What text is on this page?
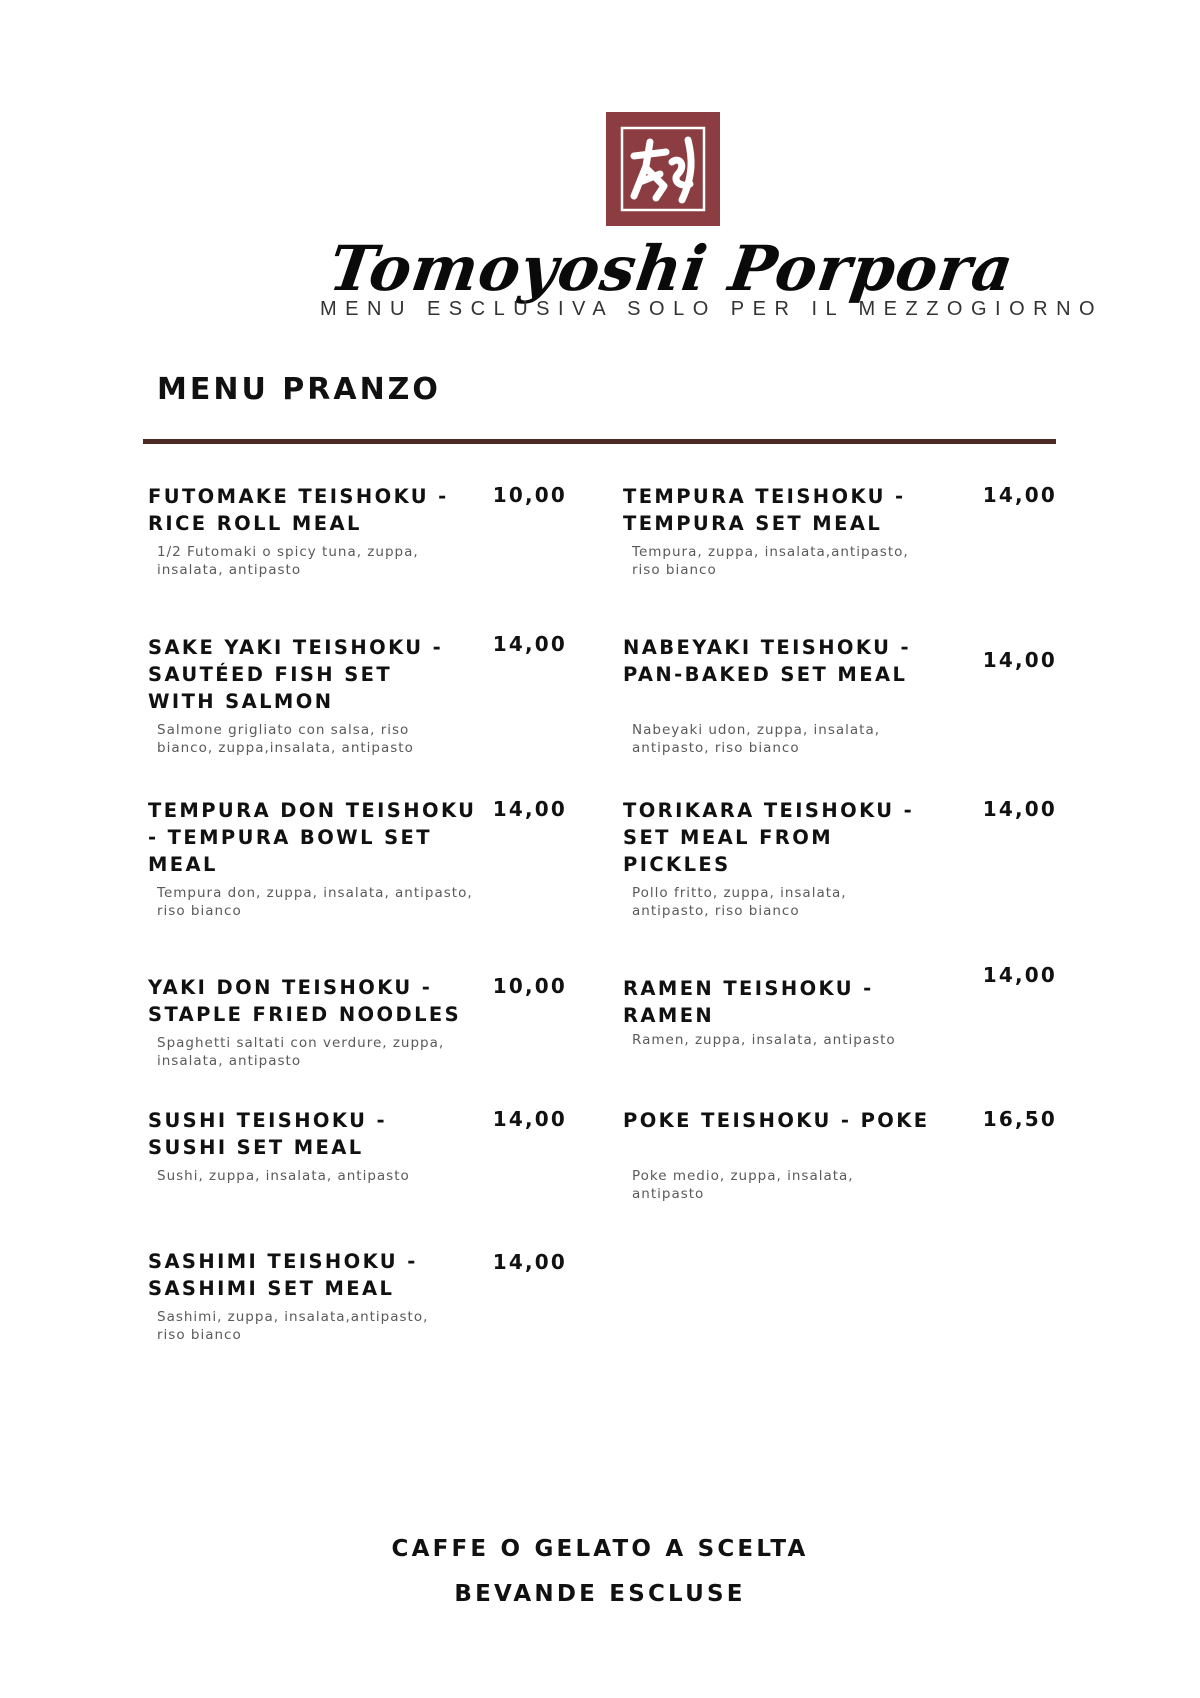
Tomoyoshi Porpora
MENU ESCLUSIVA SOLO PER IL MEZZOGIORNO
MENU PRANZO
FUTOMAKE TEISHOKU - RICE ROLL MEAL
1/2 Futomaki o spicy tuna, zuppa, insalata, antipasto
10,00	TEMPURA TEISHOKU - TEMPURA SET MEAL
Tempura, zuppa, insalata,antipasto, riso bianco
14,00
SAKE YAKI TEISHOKU - SAUTÉED FISH SET WITH SALMON
Salmone grigliato con salsa, riso bianco, zuppa,insalata, antipasto
14,00	NABEYAKI TEISHOKU - PAN-BAKED SET MEAL
Nabeyaki udon, zuppa, insalata, antipasto, riso bianco
14,00
TEMPURA DON TEISHOKU - TEMPURA BOWL SET MEAL
Tempura don, zuppa, insalata, antipasto, riso bianco
14,00	TORIKARA TEISHOKU - SET MEAL FROM PICKLES
Pollo fritto, zuppa, insalata, antipasto, riso bianco
14,00
YAKI DON TEISHOKU - STAPLE FRIED NOODLES
Spaghetti saltati con verdure, zuppa, insalata, antipasto
10,00	RAMEN TEISHOKU - RAMEN
Ramen, zuppa, insalata, antipasto
14,00
SUSHI TEISHOKU - SUSHI SET MEAL
Sushi, zuppa, insalata, antipasto
14,00	POKE TEISHOKU - POKE
Poke medio, zuppa, insalata, antipasto
16,50
SASHIMI TEISHOKU - SASHIMI SET MEAL
Sashimi, zuppa, insalata,antipasto, riso bianco
14,00
CAFFE O GELATO A SCELTA
BEVANDE ESCLUSE
